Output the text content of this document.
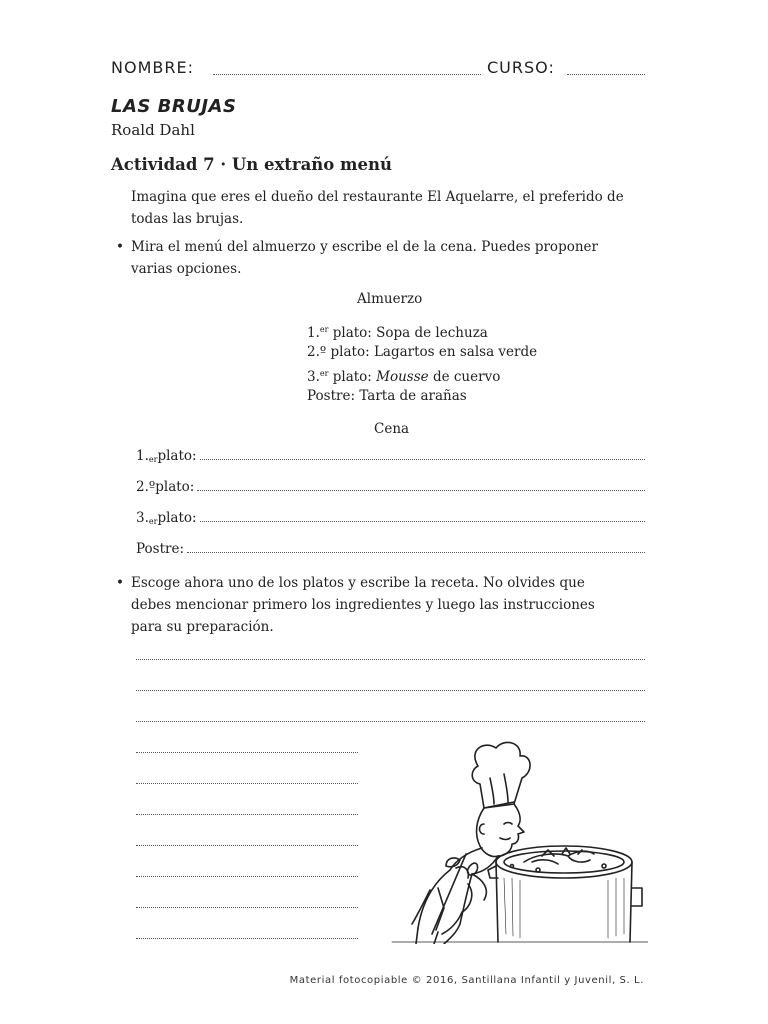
NOMBRE:	CURSO:
LAS BRUJAS
Roald Dahl
Actividad 7 · Un extraño menú
Imagina que eres el dueño del restaurante El Aquelarre, el preferido de todas las brujas.
• Mira el menú del almuerzo y escribe el de la cena. Puedes proponer varias opciones.
Almuerzo
1.$^{er}$ plato: Sopa de lechuza
2.º plato: Lagartos en salsa verde
3.$^{er}$ plato: Mousse de cuervo
Postre: Tarta de arañas
Cena
$1._{er}$ plato:
2.º plato:
$3._{er}$ plato:
Postre:
• Escoge ahora uno de los platos y escribe la receta. No olvides que debes mencionar primero los ingredientes y luego las instrucciones para su preparación.
Material fotocopiable © 2016, Santillana Infantil y Juvenil, S. L.
